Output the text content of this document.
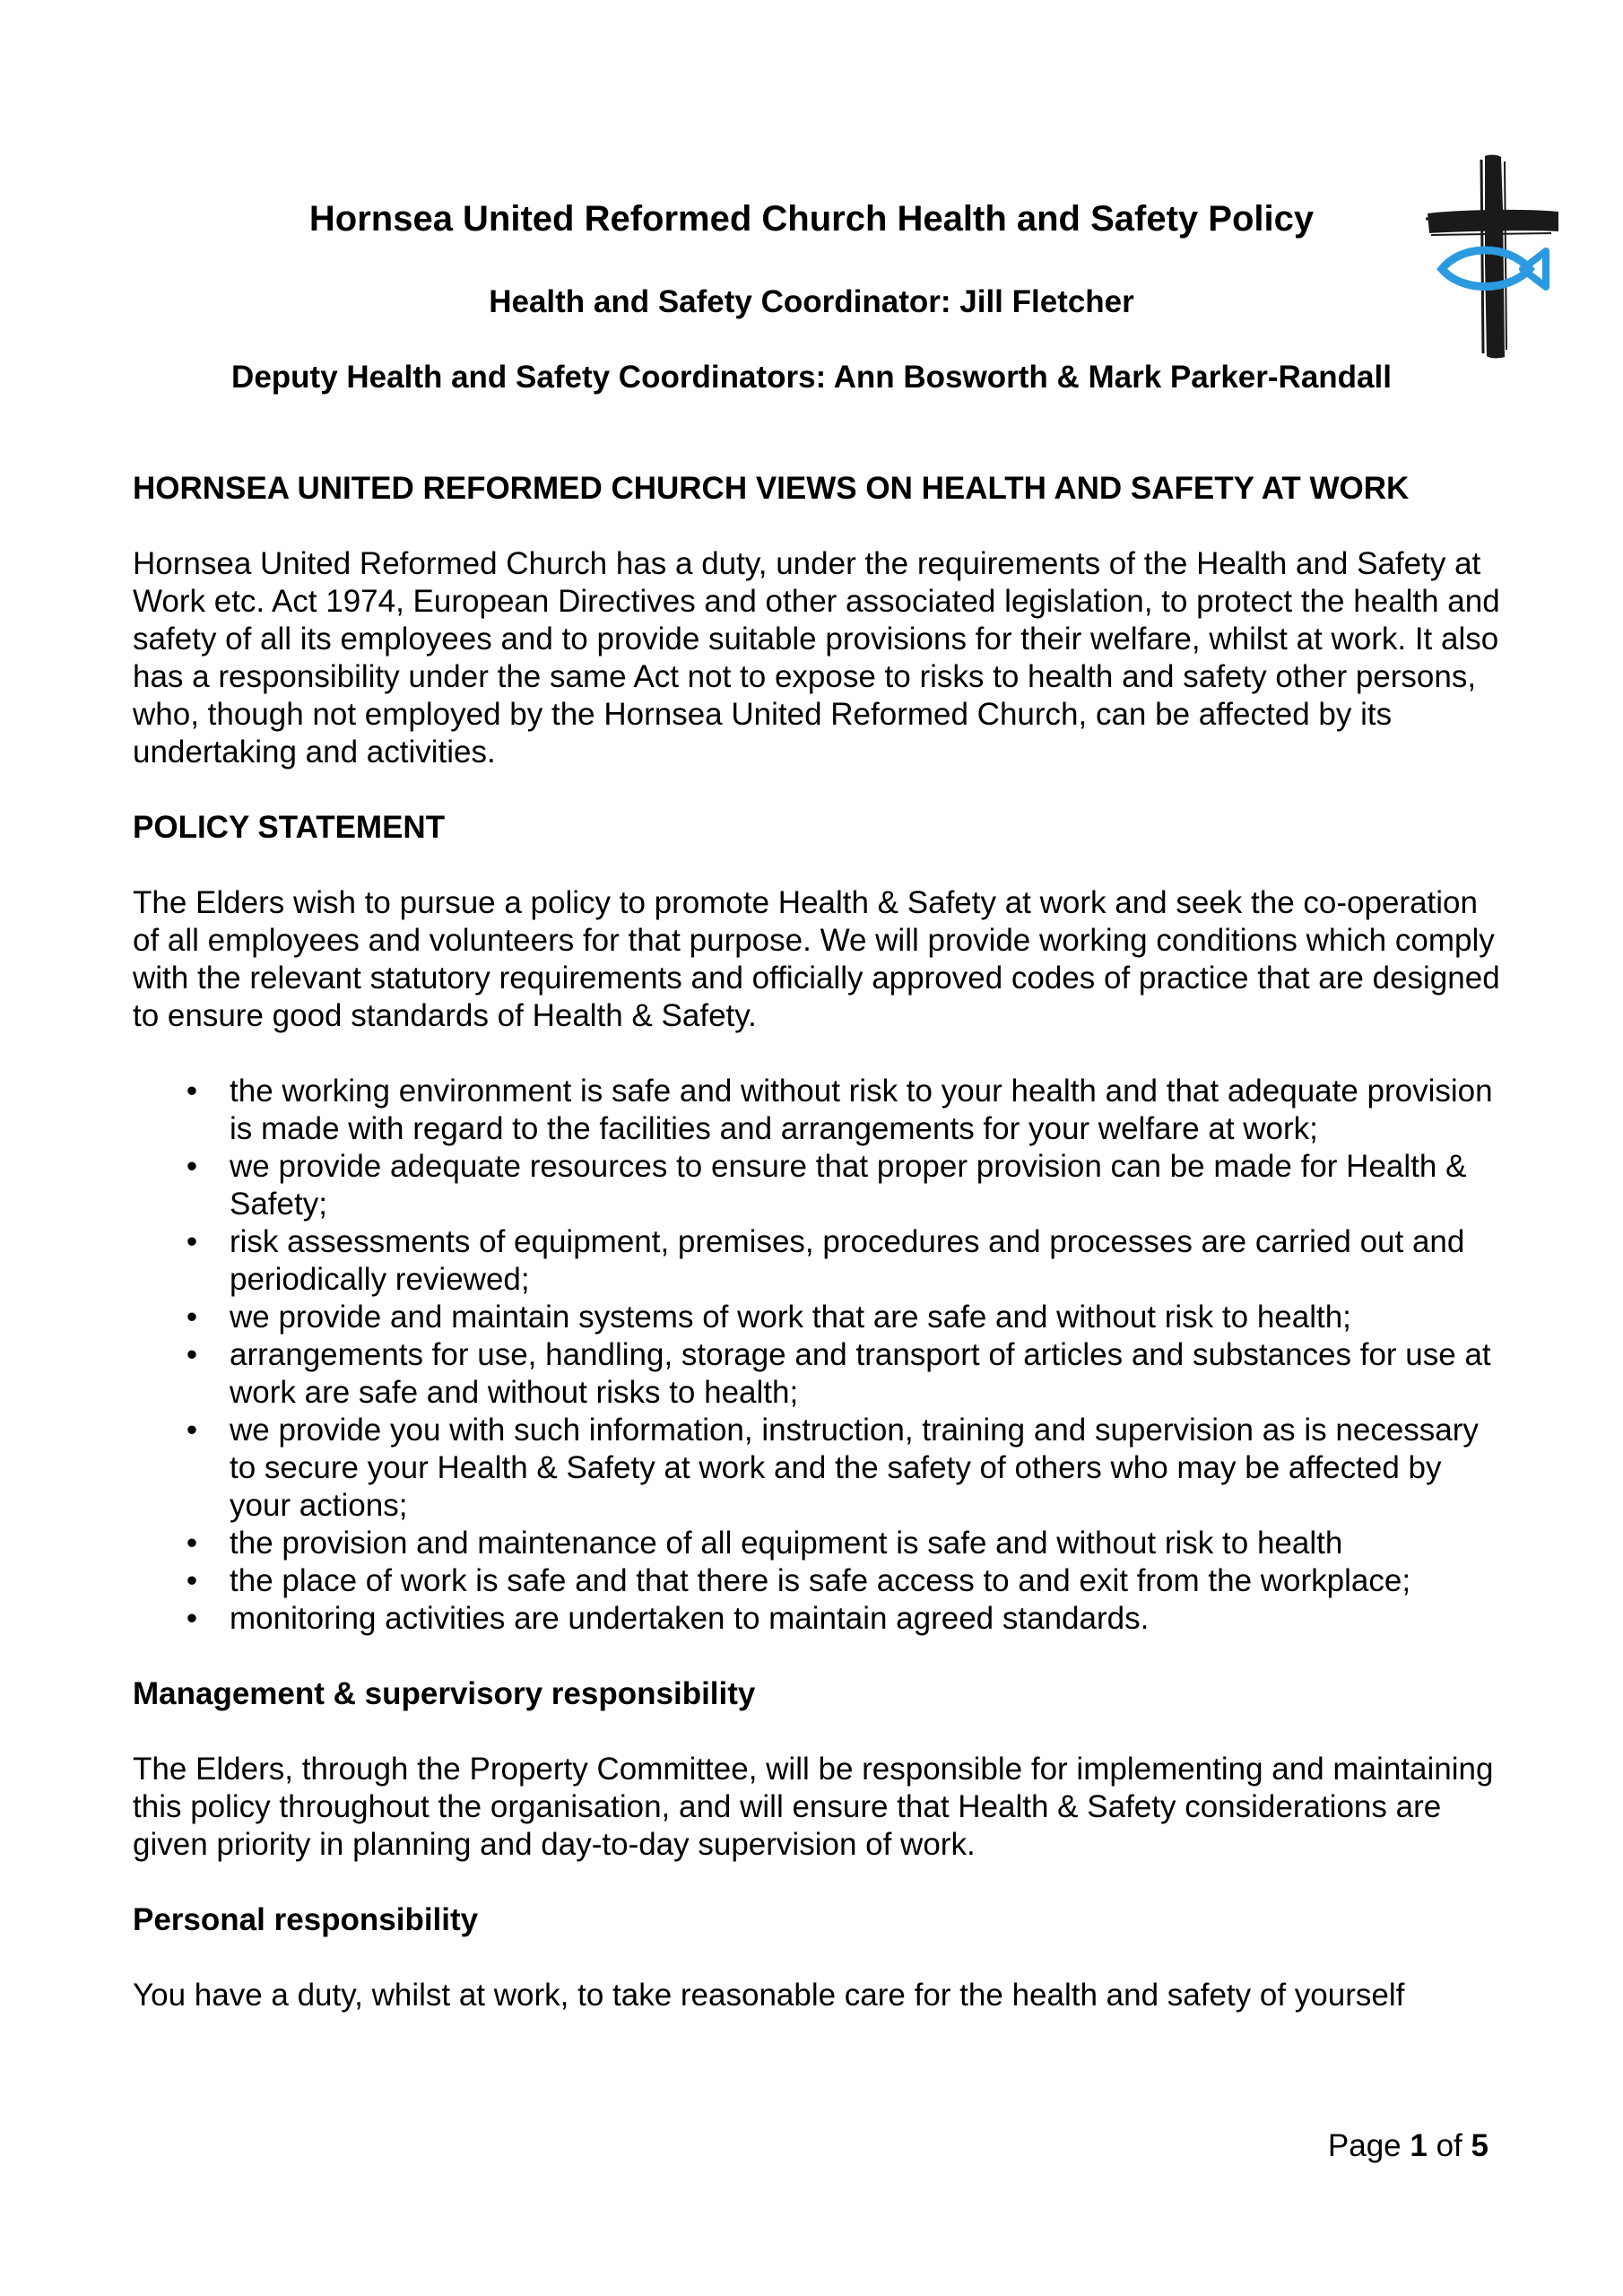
Hornsea United Reformed Church Health and Safety Policy

Health and Safety Coordinator: Jill Fletcher

Deputy Health and Safety Coordinators: Ann Bosworth & Mark Parker-Randall

HORNSEA UNITED REFORMED CHURCH VIEWS ON HEALTH AND SAFETY AT WORK

Hornsea United Reformed Church has a duty, under the requirements of the Health and Safety at Work etc. Act 1974, European Directives and other associated legislation, to protect the health and safety of all its employees and to provide suitable provisions for their welfare, whilst at work. It also has a responsibility under the same Act not to expose to risks to health and safety other persons, who, though not employed by the Hornsea United Reformed Church, can be affected by its undertaking and activities.

POLICY STATEMENT

The Elders wish to pursue a policy to promote Health & Safety at work and seek the co-operation of all employees and volunteers for that purpose. We will provide working conditions which comply with the relevant statutory requirements and officially approved codes of practice that are designed to ensure good standards of Health & Safety.

• the working environment is safe and without risk to your health and that adequate provision is made with regard to the facilities and arrangements for your welfare at work;
• we provide adequate resources to ensure that proper provision can be made for Health & Safety;
• risk assessments of equipment, premises, procedures and processes are carried out and periodically reviewed;
• we provide and maintain systems of work that are safe and without risk to health;
• arrangements for use, handling, storage and transport of articles and substances for use at work are safe and without risks to health;
• we provide you with such information, instruction, training and supervision as is necessary to secure your Health & Safety at work and the safety of others who may be affected by your actions;
• the provision and maintenance of all equipment is safe and without risk to health
• the place of work is safe and that there is safe access to and exit from the workplace;
• monitoring activities are undertaken to maintain agreed standards.

Management & supervisory responsibility

The Elders, through the Property Committee, will be responsible for implementing and maintaining this policy throughout the organisation, and will ensure that Health & Safety considerations are given priority in planning and day-to-day supervision of work.

Personal responsibility

You have a duty, whilst at work, to take reasonable care for the health and safety of yourself

Page 1 of 5
